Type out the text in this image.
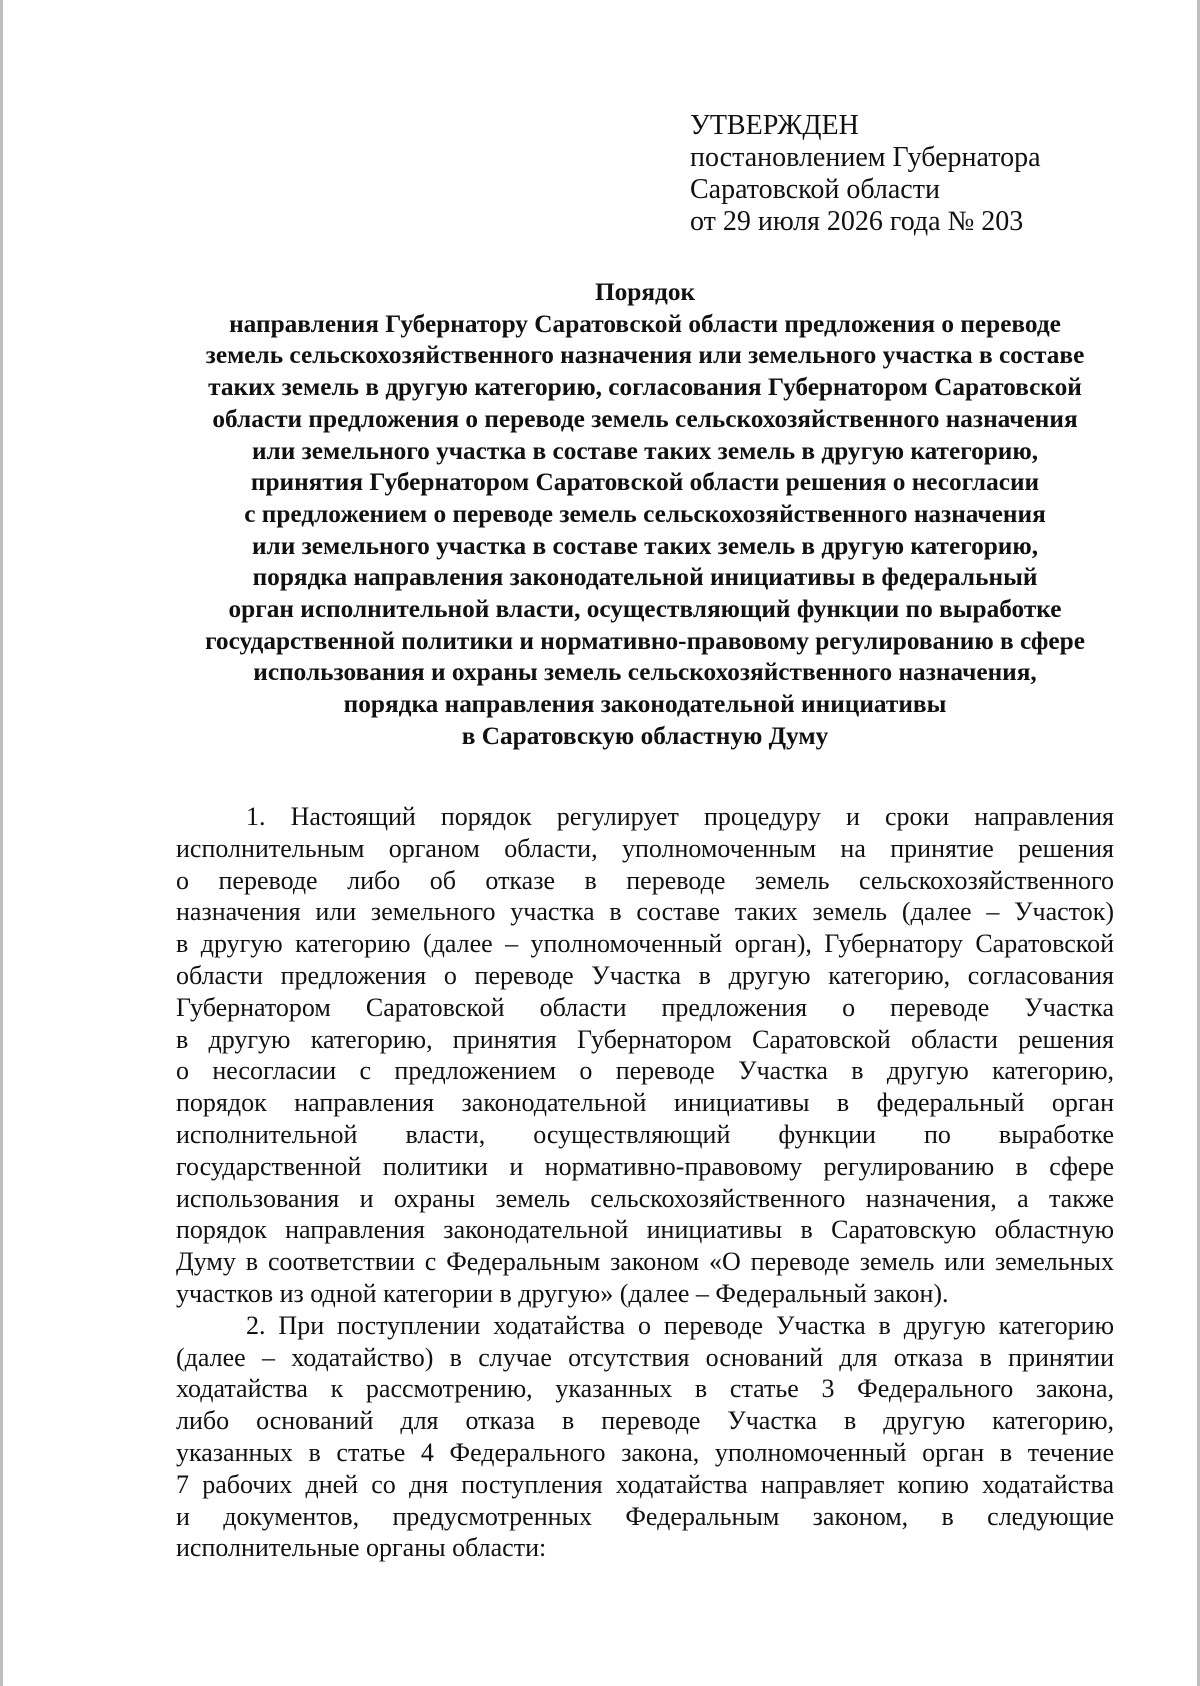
УТВЕРЖДЕН
постановлением Губернатора
Саратовской области
от 29 июля 2026 года № 203
Порядок
направления Губернатору Саратовской области предложения о переводе
земель сельскохозяйственного назначения или земельного участка в составе
таких земель в другую категорию, согласования Губернатором Саратовской
области предложения о переводе земель сельскохозяйственного назначения
или земельного участка в составе таких земель в другую категорию,
принятия Губернатором Саратовской области решения о несогласии
с предложением о переводе земель сельскохозяйственного назначения
или земельного участка в составе таких земель в другую категорию,
порядка направления законодательной инициативы в федеральный
орган исполнительной власти, осуществляющий функции по выработке
государственной политики и нормативно-правовому регулированию в сфере
использования и охраны земель сельскохозяйственного назначения,
порядка направления законодательной инициативы
в Саратовскую областную Думу
1. Настоящий порядок регулирует процедуру и сроки направления
исполнительным органом области, уполномоченным на принятие решения
о переводе либо об отказе в переводе земель сельскохозяйственного
назначения или земельного участка в составе таких земель (далее – Участок)
в другую категорию (далее – уполномоченный орган), Губернатору Саратовской
области предложения о переводе Участка в другую категорию, согласования
Губернатором Саратовской области предложения о переводе Участка
в другую категорию, принятия Губернатором Саратовской области решения
о несогласии с предложением о переводе Участка в другую категорию,
порядок направления законодательной инициативы в федеральный орган
исполнительной власти, осуществляющий функции по выработке
государственной политики и нормативно-правовому регулированию в сфере
использования и охраны земель сельскохозяйственного назначения, а также
порядок направления законодательной инициативы в Саратовскую областную
Думу в соответствии с Федеральным законом «О переводе земель или земельных
участков из одной категории в другую» (далее – Федеральный закон).
2. При поступлении ходатайства о переводе Участка в другую категорию
(далее – ходатайство) в случае отсутствия оснований для отказа в принятии
ходатайства к рассмотрению, указанных в статье 3 Федерального закона,
либо оснований для отказа в переводе Участка в другую категорию,
указанных в статье 4 Федерального закона, уполномоченный орган в течение
7 рабочих дней со дня поступления ходатайства направляет копию ходатайства
и документов, предусмотренных Федеральным законом, в следующие
исполнительные органы области:
